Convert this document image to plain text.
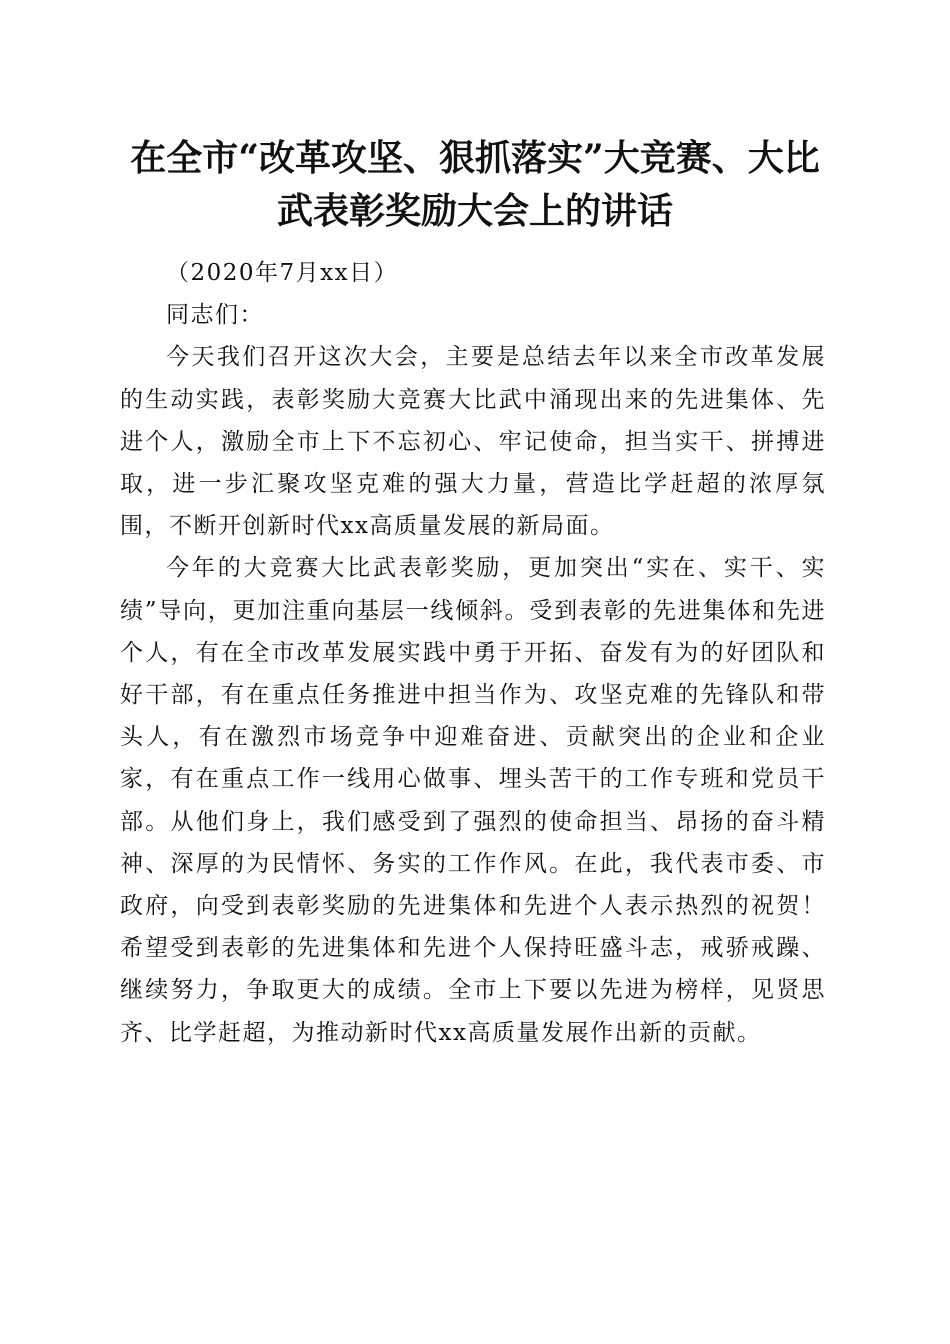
在全市“改革攻坚、狠抓落实”大竞赛、大比
武表彰奖励大会上的讲话

（2020年7月xx日）

同志们：

今天我们召开这次大会，主要是总结去年以来全市改革发展的生动实践，表彰奖励大竞赛大比武中涌现出来的先进集体、先进个人，激励全市上下不忘初心、牢记使命，担当实干、拼搏进取，进一步汇聚攻坚克难的强大力量，营造比学赶超的浓厚氛围，不断开创新时代xx高质量发展的新局面。

今年的大竞赛大比武表彰奖励，更加突出“实在、实干、实绩”导向，更加注重向基层一线倾斜。受到表彰的先进集体和先进个人，有在全市改革发展实践中勇于开拓、奋发有为的好团队和好干部，有在重点任务推进中担当作为、攻坚克难的先锋队和带头人，有在激烈市场竞争中迎难奋进、贡献突出的企业和企业家，有在重点工作一线用心做事、埋头苦干的工作专班和党员干部。从他们身上，我们感受到了强烈的使命担当、昂扬的奋斗精神、深厚的为民情怀、务实的工作作风。在此，我代表市委、市政府，向受到表彰奖励的先进集体和先进个人表示热烈的祝贺！希望受到表彰的先进集体和先进个人保持旺盛斗志，戒骄戒躁、继续努力，争取更大的成绩。全市上下要以先进为榜样，见贤思齐、比学赶超，为推动新时代xx高质量发展作出新的贡献。
